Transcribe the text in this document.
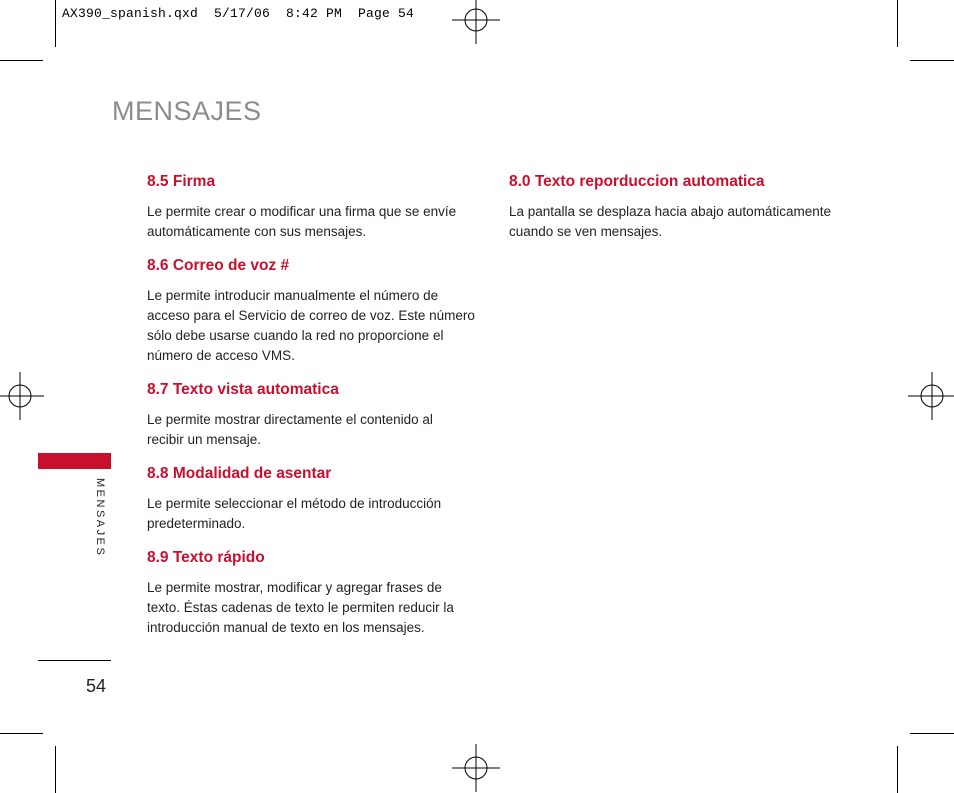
AX390_spanish.qxd  5/17/06  8:42 PM  Page 54
MENSAJES
8.5 Firma

Le permite crear o modificar una firma que se envíe automáticamente con sus mensajes.

8.6 Correo de voz #

Le permite introducir manualmente el número de acceso para el Servicio de correo de voz. Este número sólo debe usarse cuando la red no proporcione el número de acceso VMS.

8.7 Texto vista automatica

Le permite mostrar directamente el contenido al recibir un mensaje.

8.8 Modalidad de asentar

Le permite seleccionar el método de introducción predeterminado.

8.9 Texto rápido

Le permite mostrar, modificar y agregar frases de texto. Éstas cadenas de texto le permiten reducir la introducción manual de texto en los mensajes.

8.0 Texto reporduccion automatica

La pantalla se desplaza hacia abajo automáticamente cuando se ven mensajes.

MENSAJES
54
